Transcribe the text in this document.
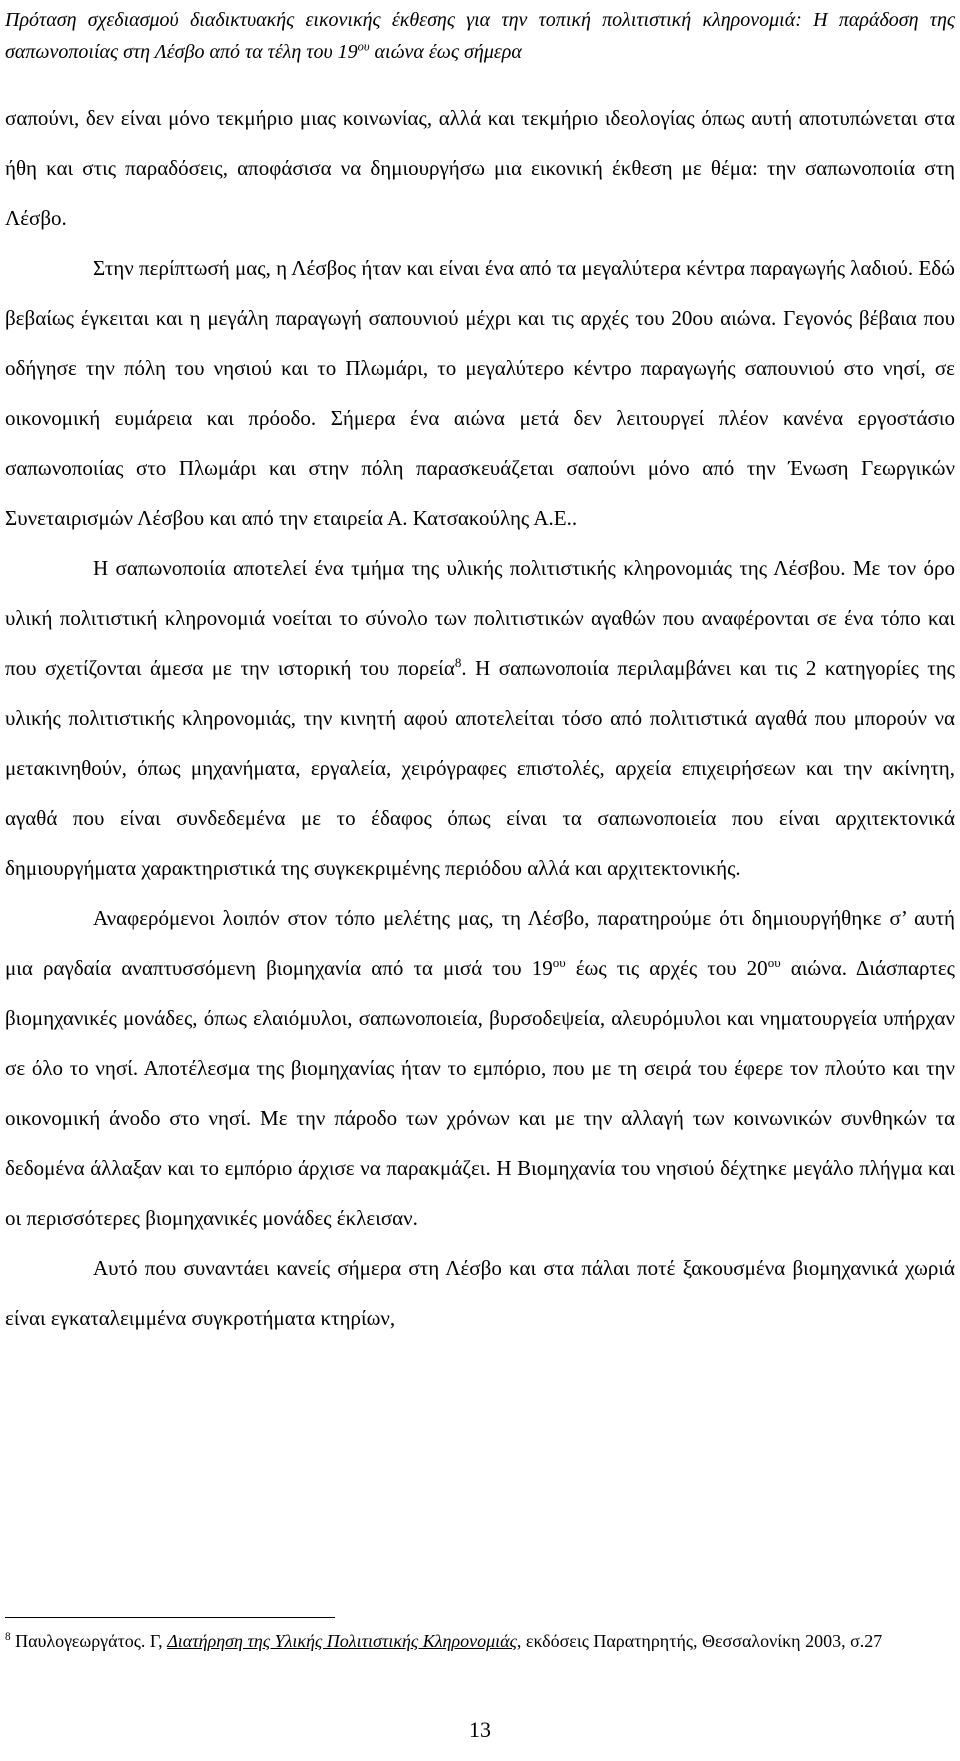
Πρόταση σχεδιασμού διαδικτυακής εικονικής έκθεσης για την τοπική πολιτιστική κληρονομιά: Η παράδοση της σαπωνοποιίας στη Λέσβο από τα τέλη του $19^{o\upsilon}$ αιώνα έως σήμερα

σαπούνι, δεν είναι μόνο τεκμήριο μιας κοινωνίας, αλλά και τεκμήριο ιδεολογίας όπως αυτή αποτυπώνεται στα ήθη και στις παραδόσεις, αποφάσισα να δημιουργήσω μια εικονική έκθεση με θέμα: την σαπωνοποιία στη Λέσβο.

Στην περίπτωσή μας, η Λέσβος ήταν και είναι ένα από τα μεγαλύτερα κέντρα παραγωγής λαδιού. Εδώ βεβαίως έγκειται και η μεγάλη παραγωγή σαπουνιού μέχρι και τις αρχές του 20ου αιώνα. Γεγονός βέβαια που οδήγησε την πόλη του νησιού και το Πλωμάρι, το μεγαλύτερο κέντρο παραγωγής σαπουνιού στο νησί, σε οικονομική ευμάρεια και πρόοδο. Σήμερα ένα αιώνα μετά δεν λειτουργεί πλέον κανένα εργοστάσιο σαπωνοποιίας στο Πλωμάρι και στην πόλη παρασκευάζεται σαπούνι μόνο από την Ένωση Γεωργικών Συνεταιρισμών Λέσβου και από την εταιρεία Α. Κατσακούλης Α.Ε..

Η σαπωνοποιία αποτελεί ένα τμήμα της υλικής πολιτιστικής κληρονομιάς της Λέσβου. Με τον όρο υλική πολιτιστική κληρονομιά νοείται το σύνολο των πολιτιστικών αγαθών που αναφέρονται σε ένα τόπο και που σχετίζονται άμεσα με την ιστορική του πορεία$^8$. Η σαπωνοποιία περιλαμβάνει και τις 2 κατηγορίες της υλικής πολιτιστικής κληρονομιάς, την κινητή αφού αποτελείται τόσο από πολιτιστικά αγαθά που μπορούν να μετακινηθούν, όπως μηχανήματα, εργαλεία, χειρόγραφες επιστολές, αρχεία επιχειρήσεων και την ακίνητη, αγαθά που είναι συνδεδεμένα με το έδαφος όπως είναι τα σαπωνοποιεία που είναι αρχιτεκτονικά δημιουργήματα χαρακτηριστικά της συγκεκριμένης περιόδου αλλά και αρχιτεκτονικής.

Αναφερόμενοι λοιπόν στον τόπο μελέτης μας, τη Λέσβο, παρατηρούμε ότι δημιουργήθηκε σ’ αυτή μια ραγδαία αναπτυσσόμενη βιομηχανία από τα μισά του $19^{o\upsilon}$ έως τις αρχές του $20^{o\upsilon}$ αιώνα. Διάσπαρτες βιομηχανικές μονάδες, όπως ελαιόμυλοι, σαπωνοποιεία, βυρσοδεψεία, αλευρόμυλοι και νηματουργεία υπήρχαν σε όλο το νησί. Αποτέλεσμα της βιομηχανίας ήταν το εμπόριο, που με τη σειρά του έφερε τον πλούτο και την οικονομική άνοδο στο νησί. Με την πάροδο των χρόνων και με την αλλαγή των κοινωνικών συνθηκών τα δεδομένα άλλαξαν και το εμπόριο άρχισε να παρακμάζει. Η Βιομηχανία του νησιού δέχτηκε μεγάλο πλήγμα και οι περισσότερες βιομηχανικές μονάδες έκλεισαν.

Αυτό που συναντάει κανείς σήμερα στη Λέσβο και στα πάλαι ποτέ ξακουσμένα βιομηχανικά χωριά είναι εγκαταλειμμένα συγκροτήματα κτηρίων,

$^8$ Παυλογεωργάτος. Γ, Διατήρηση της Υλικής Πολιτιστικής Κληρονομιάς, εκδόσεις Παρατηρητής, Θεσσαλονίκη 2003, σ.27
13
